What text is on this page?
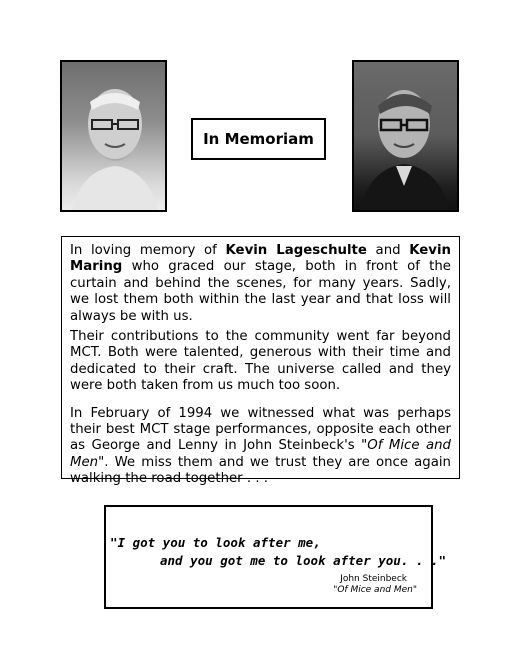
In Memoriam

In loving memory of Kevin Lageschulte and Kevin Maring who graced our stage, both in front of the curtain and behind the scenes, for many years. Sadly, we lost them both within the last year and that loss will always be with us.

Their contributions to the community went far beyond MCT. Both were talented, generous with their time and dedicated to their craft. The universe called and they were both taken from us much too soon.

In February of 1994 we witnessed what was perhaps their best MCT stage performances, opposite each other as George and Lenny in John Steinbeck's "Of Mice and Men". We miss them and we trust they are once again walking the road together . . .

"I got you to look after me,
and you got me to look after you. . ."
John Steinbeck
"Of Mice and Men"
